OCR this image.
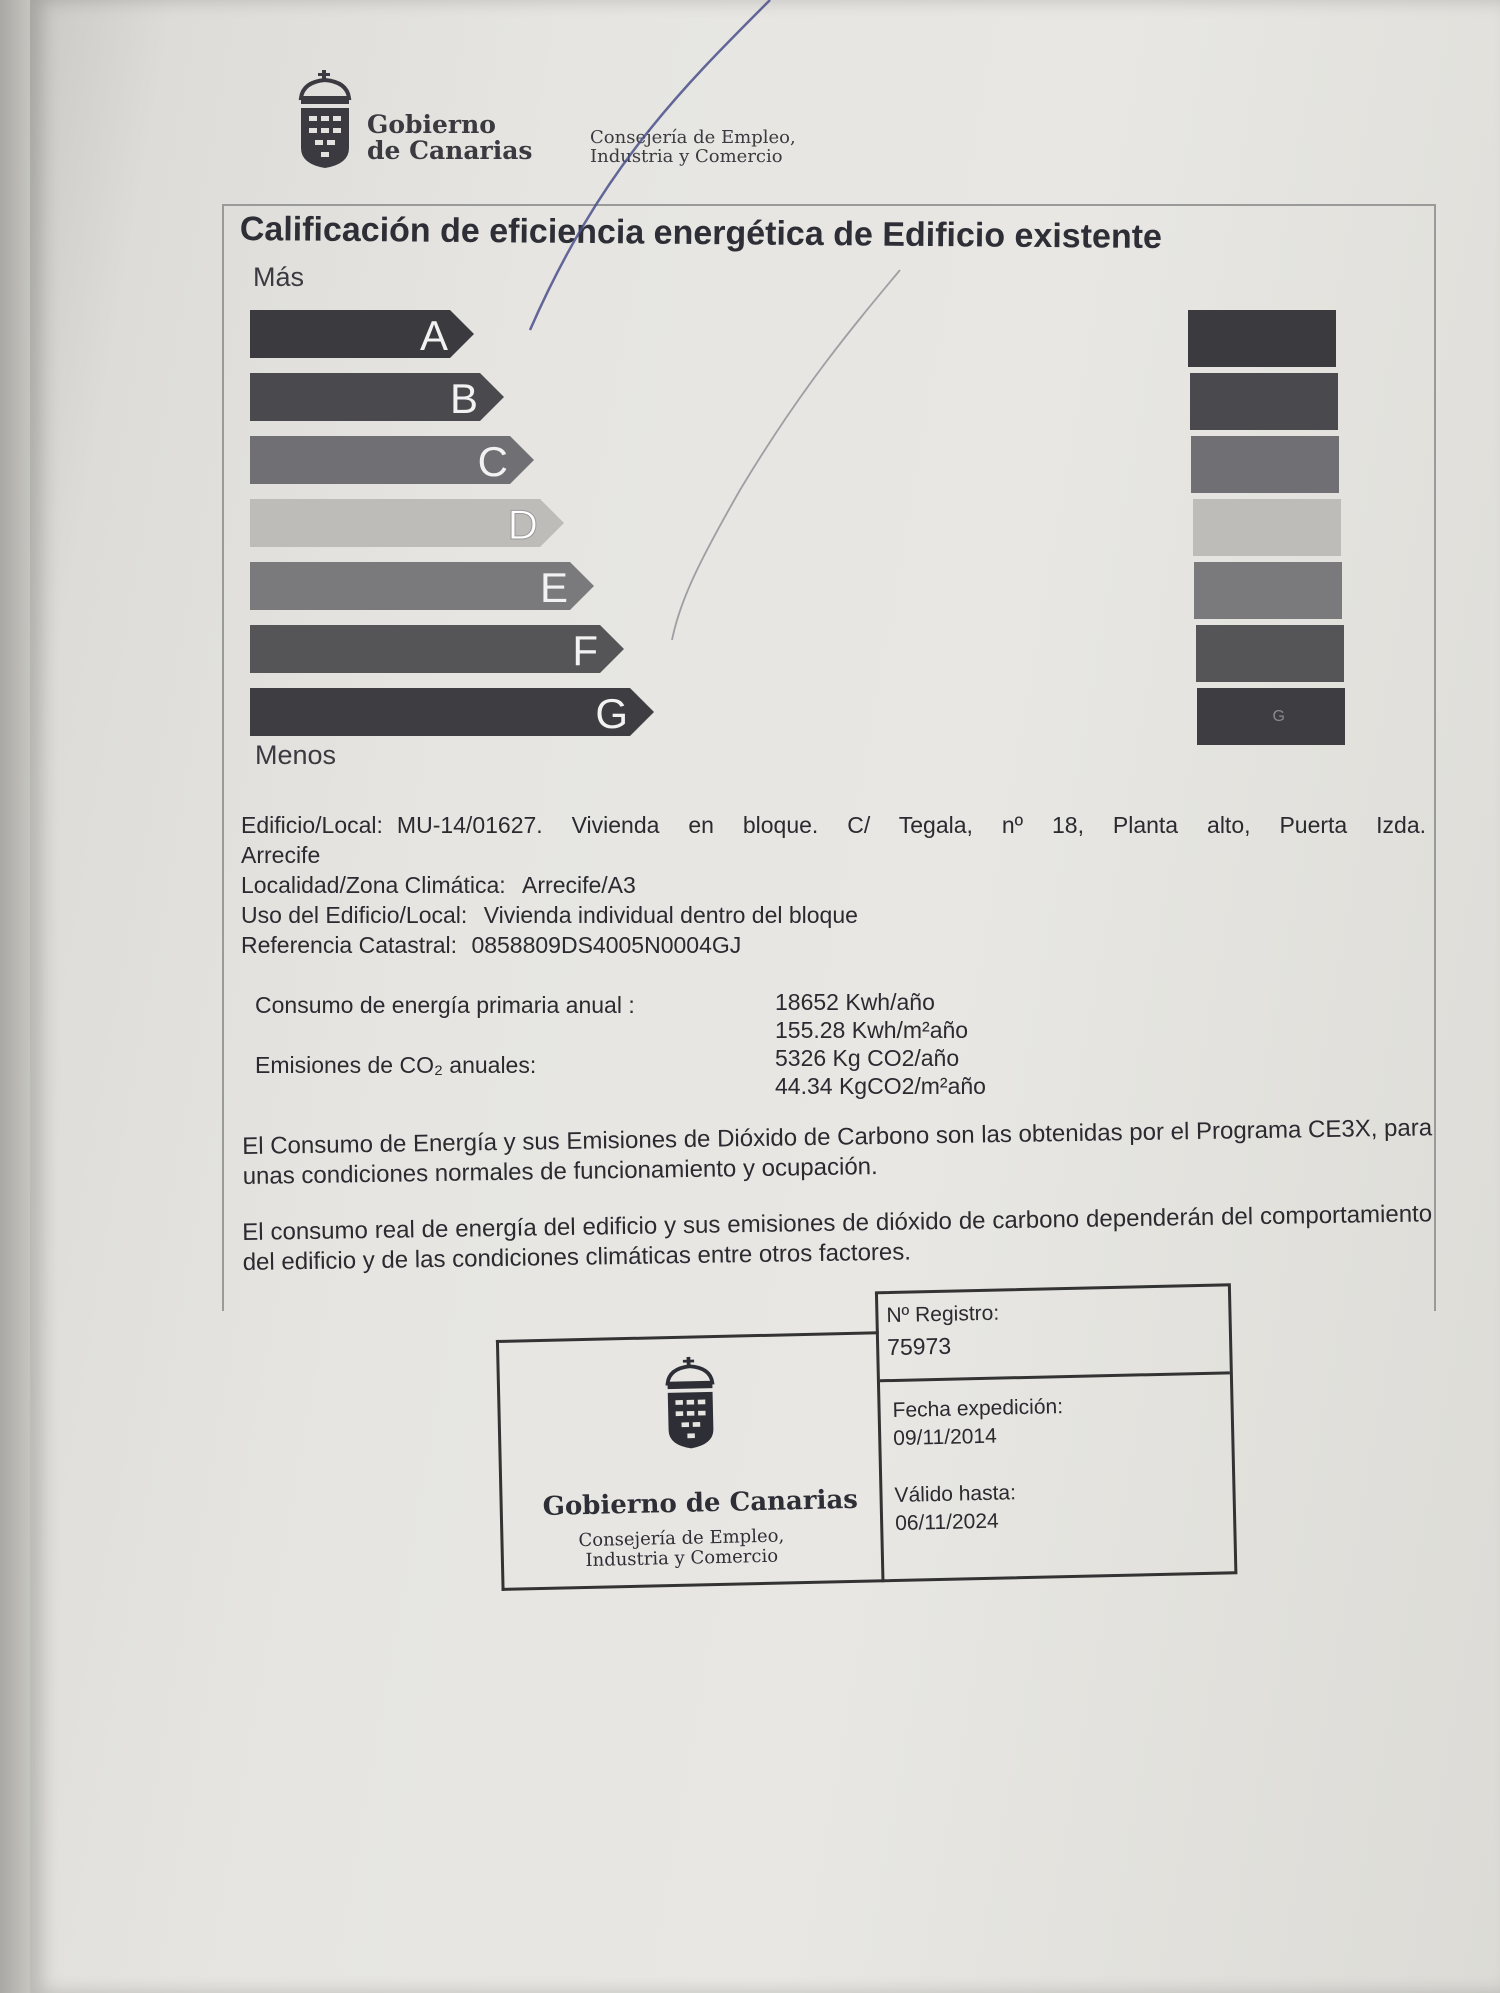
Gobierno
de Canarias	Consejería de Empleo,
Industria y Comercio
Calificación de eficiencia energética de Edificio existente
Más
A
B
C
D
E
F
G
Menos
G
Edificio/Local: MU-14/01627. Vivienda en bloque. C/ Tegala, nº 18, Planta alto, Puerta Izda.
Arrecife
Localidad/Zona Climática: Arrecife/A3
Uso del Edificio/Local: Vivienda individual dentro del bloque
Referencia Catastral: 0858809DS4005N0004GJ
Consumo de energía primaria anual :
Emisiones de CO₂ anuales:
18652 Kwh/año
155.28 Kwh/m²año
5326 Kg CO2/año
44.34 KgCO2/m²año
El Consumo de Energía y sus Emisiones de Dióxido de Carbono son las obtenidas por el Programa CE3X, para unas condiciones normales de funcionamiento y ocupación.
El consumo real de energía del edificio y sus emisiones de dióxido de carbono dependerán del comportamiento del edificio y de las condiciones climáticas entre otros factores.
Gobierno de Canarias
Consejería de Empleo,
Industria y Comercio
Nº Registro:
75973
Fecha expedición:
09/11/2014
Válido hasta:
06/11/2024
